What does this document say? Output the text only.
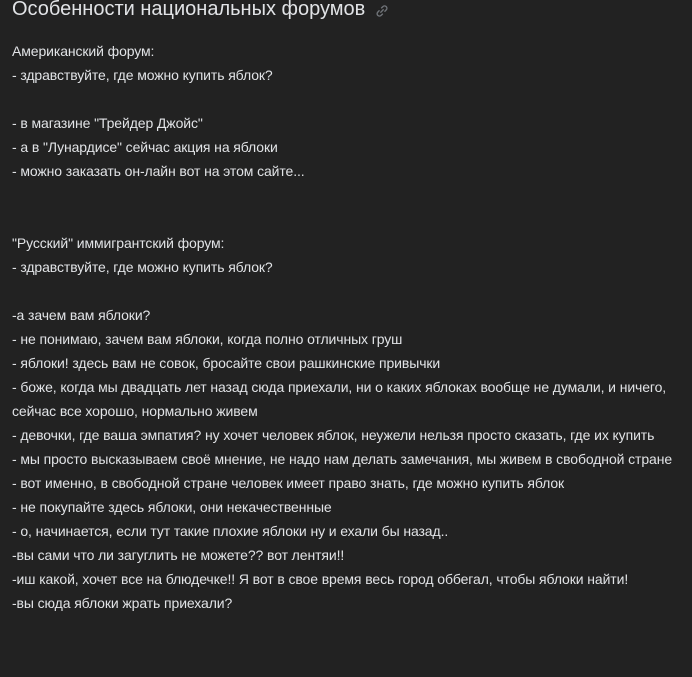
Особенности национальных форумов
Американский форум:
- здравствуйте, где можно купить яблок?
- в магазине "Трейдер Джойс"
- а в "Лунардисе" сейчас акция на яблоки
- можно заказать он-лайн вот на этом сайте...
"Русский" иммигрантский форум:
- здравствуйте, где можно купить яблок?
-а зачем вам яблоки?
- не понимаю, зачем вам яблоки, когда полно отличных груш
- яблоки! здесь вам не совок, бросайте свои рашкинские привычки
- боже, когда мы двадцать лет назад сюда приехали, ни о каких яблоках вообще не думали, и ничего, сейчас все хорошо, нормально живем
- девочки, где ваша эмпатия? ну хочет человек яблок, неужели нельзя просто сказать, где их купить
- мы просто высказываем своё мнение, не надо нам делать замечания, мы живем в свободной стране
- вот именно, в свободной стране человек имеет право знать, где можно купить яблок
- не покупайте здесь яблоки, они некачественные
- о, начинается, если тут такие плохие яблоки ну и ехали бы назад..
-вы сами что ли загуглить не можете?? вот лентяи!!
-иш какой, хочет все на блюдечке!! Я вот в свое время весь город оббегал, чтобы яблоки найти!
-вы сюда яблоки жрать приехали?
